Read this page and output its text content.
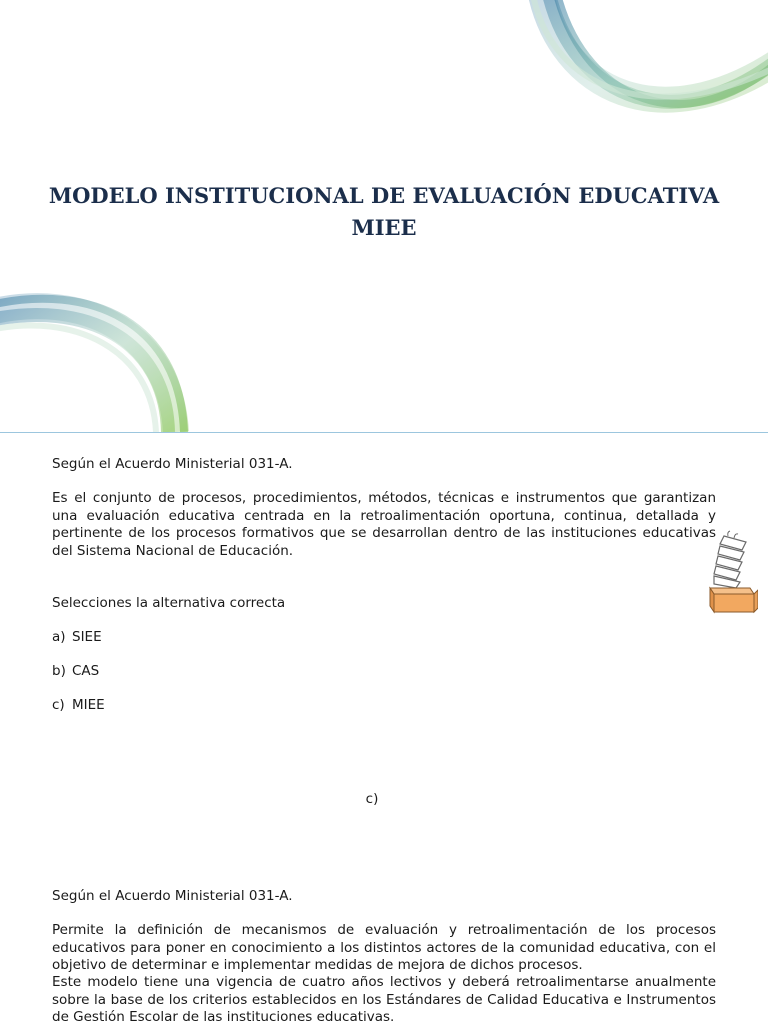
MODELO INSTITUCIONAL DE EVALUACIÓN EDUCATIVA
MIEE

Según el Acuerdo Ministerial 031-A.

Es el conjunto de procesos, procedimientos, métodos, técnicas e instrumentos que garantizan una evaluación educativa centrada en la retroalimentación oportuna, continua, detallada y pertinente de los procesos formativos que se desarrollan dentro de las instituciones educativas del Sistema Nacional de Educación.

Selecciones la alternativa correcta

a) SIEE

b) CAS

c) MIEE

c)

Según el Acuerdo Ministerial 031-A.

Permite la definición de mecanismos de evaluación y retroalimentación de los procesos educativos para poner en conocimiento a los distintos actores de la comunidad educativa, con el objetivo de determinar e implementar medidas de mejora de dichos procesos.

Este modelo tiene una vigencia de cuatro años lectivos y deberá retroalimentarse anualmente sobre la base de los criterios establecidos en los Estándares de Calidad Educativa e Instrumentos de Gestión Escolar de las instituciones educativas.
